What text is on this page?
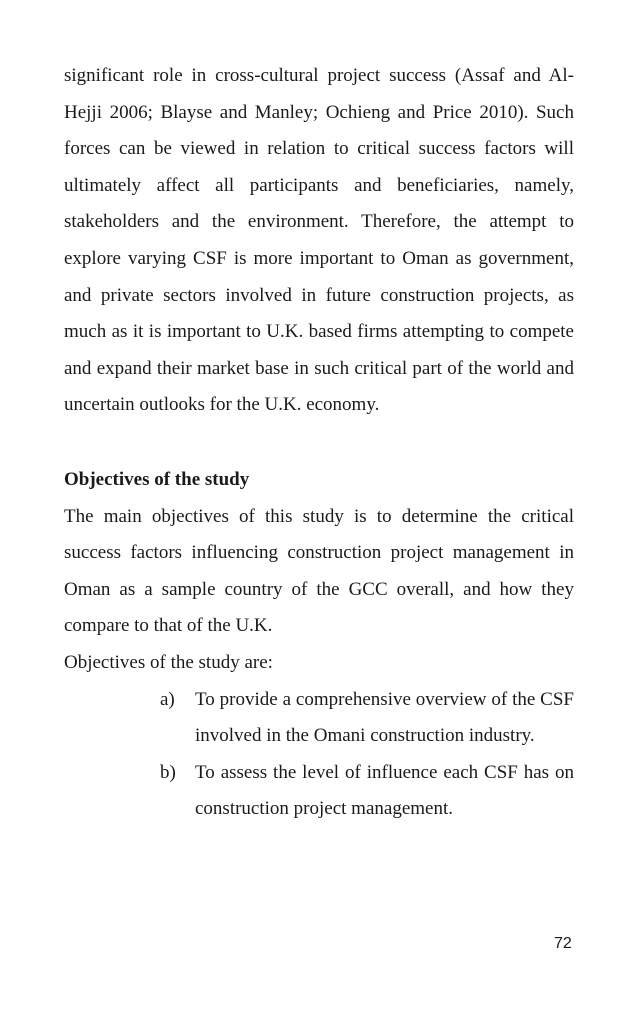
significant role in cross-cultural project success (Assaf and Al-Hejji 2006; Blayse and Manley; Ochieng and Price 2010). Such forces can be viewed in relation to critical success factors will ultimately affect all participants and beneficiaries, namely, stakeholders and the environment. Therefore, the attempt to explore varying CSF is more important to Oman as government, and private sectors involved in future construction projects, as much as it is important to U.K. based firms attempting to compete and expand their market base in such critical part of the world and uncertain outlooks for the U.K. economy.

Objectives of the study

The main objectives of this study is to determine the critical success factors influencing construction project management in Oman as a sample country of the GCC overall, and how they compare to that of the U.K.

Objectives of the study are:

a) To provide a comprehensive overview of the CSF involved in the Omani construction industry.
b) To assess the level of influence each CSF has on construction project management.
72
